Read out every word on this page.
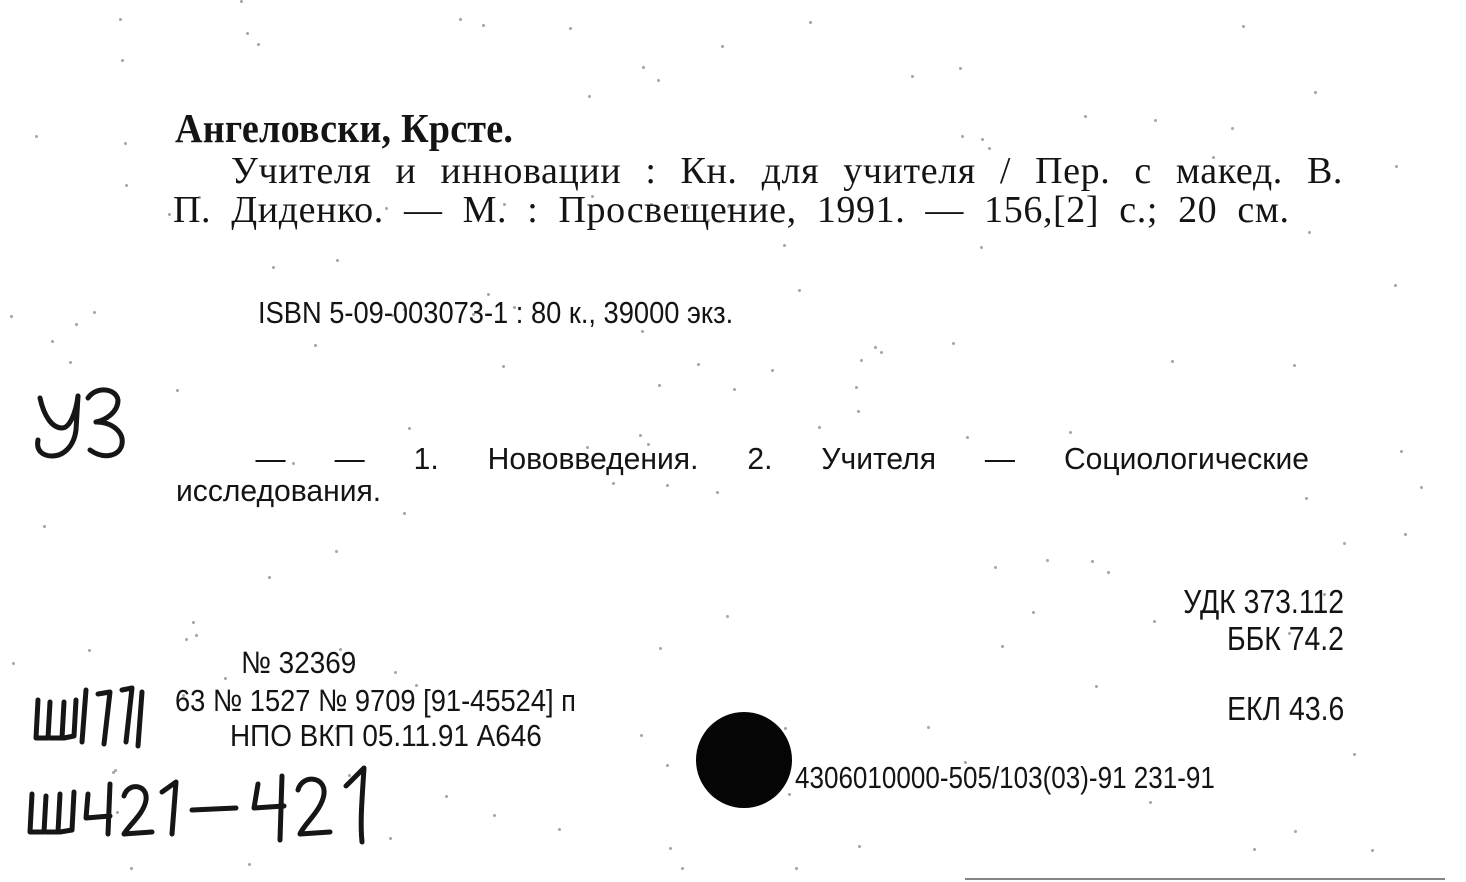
Ангеловски, Крсте.
Учителя и инновации : Кн. для учителя / Пер. с макед. В. П. Диденко. — М. : Просвещение, 1991. — 156,[2] с.; 20 см.
ISBN 5-09-003073-1 : 80 к., 39000 экз.
— — 1. Нововведения. 2. Учителя — Социологические исследования.
УДК 373.112
ББК 74.2
ЕКЛ 43.6
№ 32369
63 № 1527 № 9709 [91-45524] п
НПО ВКП 05.11.91 А646
4306010000-505/103(03)-91 231-91
